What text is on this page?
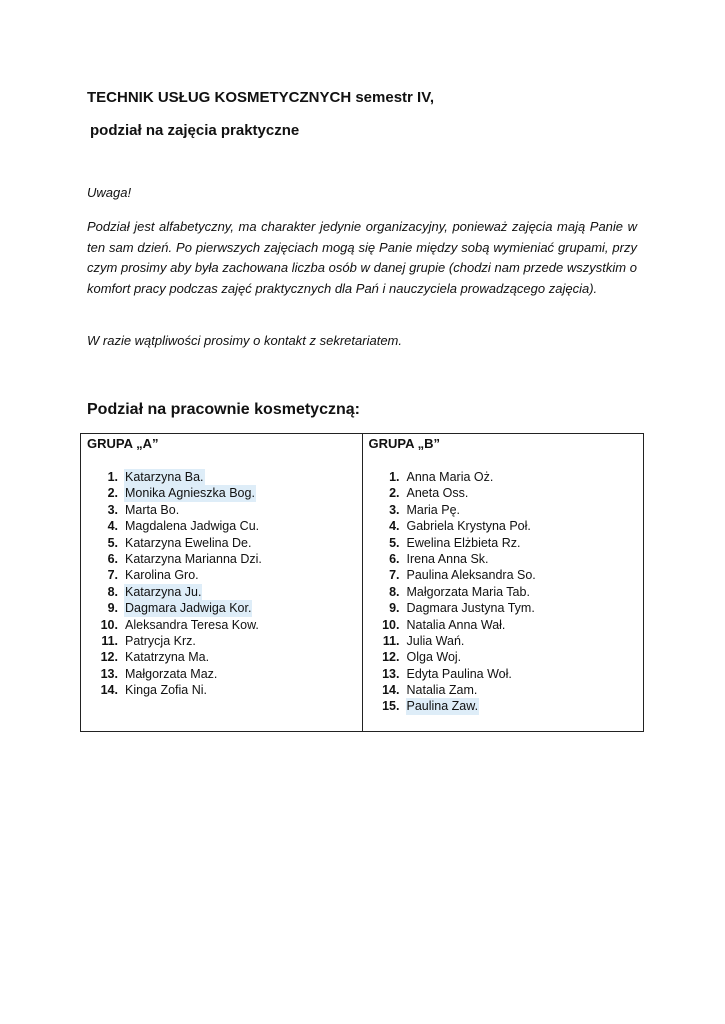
TECHNIK USŁUG KOSMETYCZNYCH semestr IV,

podział na zajęcia praktyczne

Uwaga!

Podział jest alfabetyczny, ma charakter jedynie organizacyjny, ponieważ zajęcia mają Panie w ten sam dzień. Po pierwszych zajęciach mogą się Panie między sobą wymieniać grupami, przy czym prosimy aby była zachowana liczba osób w danej grupie (chodzi nam przede wszystkim o komfort pracy podczas zajęć praktycznych dla Pań i nauczyciela prowadzącego zajęcia).

W razie wątpliwości prosimy o kontakt z sekretariatem.

Podział na pracownie kosmetyczną:

GRUPA „A”

1. Katarzyna Ba.
2. Monika Agnieszka Bog.
3. Marta Bo.
4. Magdalena Jadwiga Cu.
5. Katarzyna Ewelina De.
6. Katarzyna Marianna Dzi.
7. Karolina Gro.
8. Katarzyna Ju.
9. Dagmara Jadwiga Kor.
10. Aleksandra Teresa Kow.
11. Patrycja Krz.
12. Katatrzyna Ma.
13. Małgorzata Maz.
14. Kinga Zofia Ni.

GRUPA „B”

1. Anna Maria Oż.
2. Aneta Oss.
3. Maria Pę.
4. Gabriela Krystyna Poł.
5. Ewelina Elżbieta Rz.
6. Irena Anna Sk.
7. Paulina Aleksandra So.
8. Małgorzata Maria Tab.
9. Dagmara Justyna Tym.
10. Natalia Anna Wał.
11. Julia Wań.
12. Olga Woj.
13. Edyta Paulina Woł.
14. Natalia Zam.
15. Paulina Zaw.
